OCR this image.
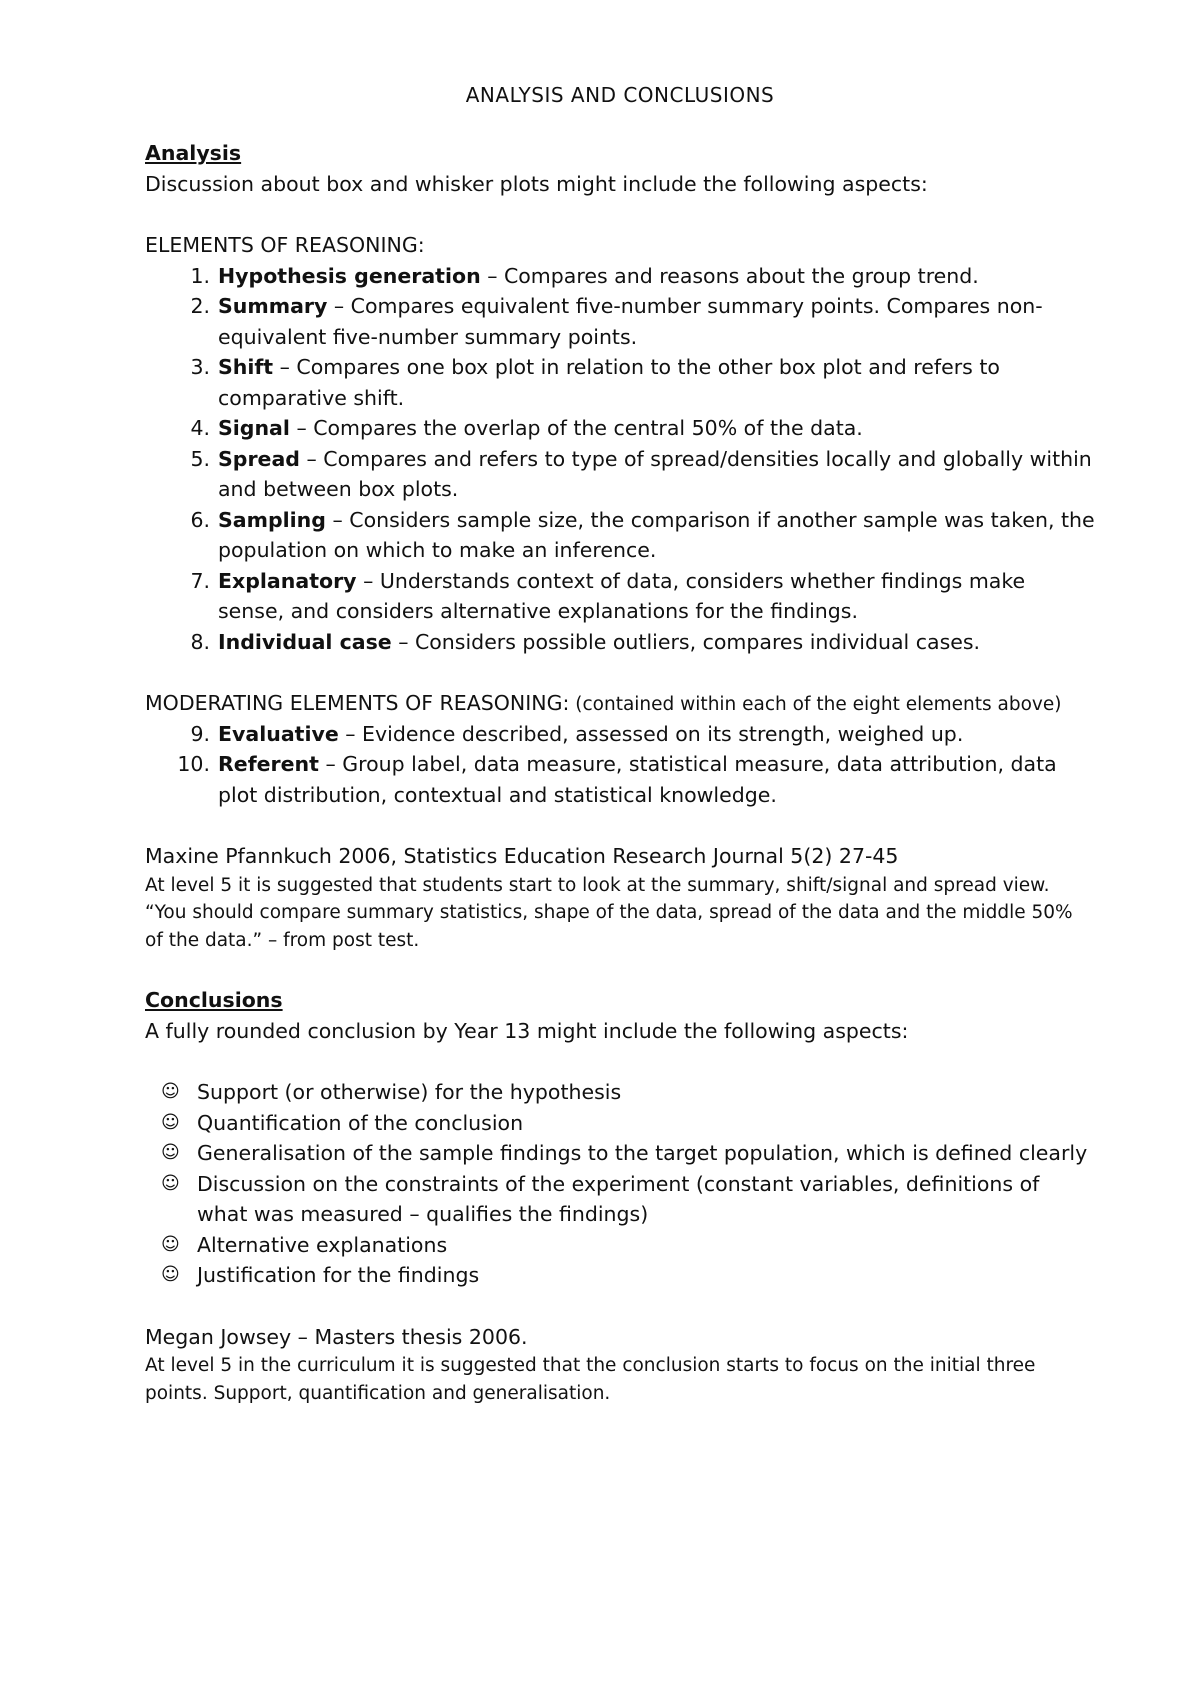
ANALYSIS AND CONCLUSIONS

Analysis

Discussion about box and whisker plots might include the following aspects:

ELEMENTS OF REASONING:

1. Hypothesis generation – Compares and reasons about the group trend.
2. Summary – Compares equivalent five-number summary points. Compares non-equivalent five-number summary points.
3. Shift – Compares one box plot in relation to the other box plot and refers to comparative shift.
4. Signal – Compares the overlap of the central 50% of the data.
5. Spread – Compares and refers to type of spread/densities locally and globally within and between box plots.
6. Sampling – Considers sample size, the comparison if another sample was taken, the population on which to make an inference.
7. Explanatory – Understands context of data, considers whether findings make sense, and considers alternative explanations for the findings.
8. Individual case – Considers possible outliers, compares individual cases.

MODERATING ELEMENTS OF REASONING: (contained within each of the eight elements above)

9. Evaluative – Evidence described, assessed on its strength, weighed up.
10. Referent – Group label, data measure, statistical measure, data attribution, data plot distribution, contextual and statistical knowledge.

Maxine Pfannkuch 2006, Statistics Education Research Journal 5(2) 27-45

At level 5 it is suggested that students start to look at the summary, shift/signal and spread view.

“You should compare summary statistics, shape of the data, spread of the data and the middle 50% of the data.” – from post test.

Conclusions

A fully rounded conclusion by Year 13 might include the following aspects:

☺ Support (or otherwise) for the hypothesis
☺ Quantification of the conclusion
☺ Generalisation of the sample findings to the target population, which is defined clearly
☺ Discussion on the constraints of the experiment (constant variables, definitions of what was measured – qualifies the findings)
☺ Alternative explanations
☺ Justification for the findings

Megan Jowsey – Masters thesis 2006.

At level 5 in the curriculum it is suggested that the conclusion starts to focus on the initial three points. Support, quantification and generalisation.
